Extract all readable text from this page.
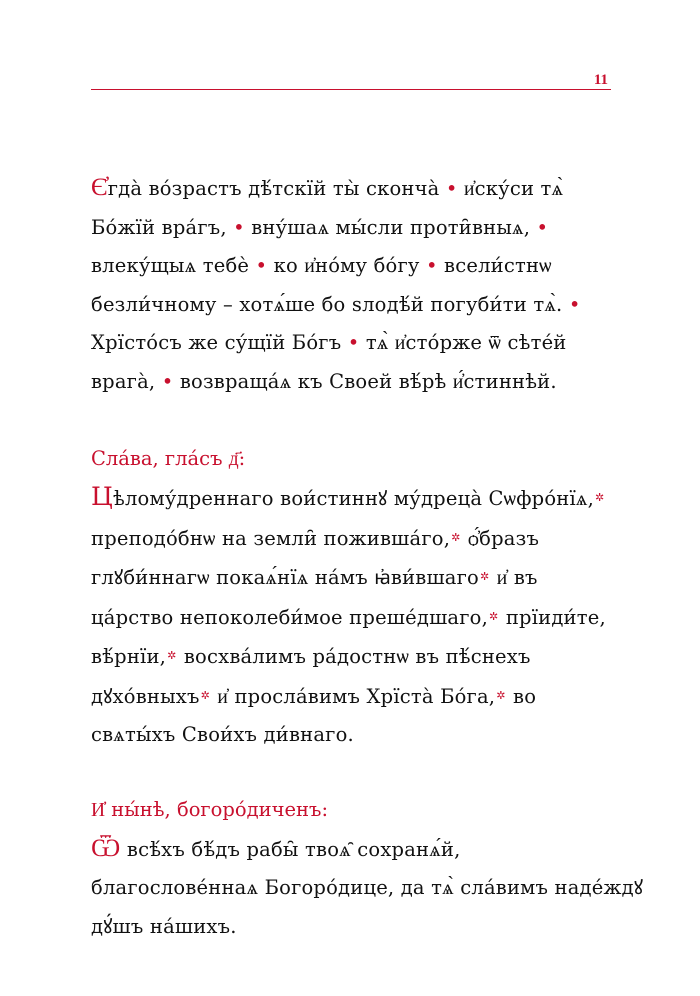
11
Є҆гда̀ во́зрастъ дѣ́тскїй ты̀ сконча̀ • и҆ску́си тѧ̀
Бо́жїй вра́гъ, • вну́шаѧ мы́сли проти̑вныѧ, •
влеку́щыѧ тебѐ • ко и҆но́му бо́гу • всели́стнѡ
безли́чному – хотѧ́ше бо ѕлодѣ́й погуби́ти тѧ̀. •
Хрїсто́съ же су́щїй Бо́гъ • тѧ̀ и҆сто́рже ѿ сѣте́й
врага̀, • возвраща́ѧ къ Своей вѣ́рѣ и҆́стиннѣй.
Сла́ва, гла́съ д҃:
Цѣлому́дреннаго вои́стиннꙋ му́дреца̀ Сѡфро́нїѧ,✲
преподо́бнѡ на земли̑ поживша́го,✲ ѻ҆́бразъ
глꙋби́ннагѡ покаѧ́нїѧ на́мъ ꙗ҆ви́вшаго✲ и҆ въ
ца́рство непоколеби́мое преше́дшаго,✲ прїиди́те,
вѣ́рнїи,✲ восхва́лимъ ра́достнѡ въ пѣ́снехъ
дꙋхо́вныхъ✲ и҆ просла́вимъ Хрїста̀ Бо́га,✲ во
свѧты́хъ Свои́хъ ди́внаго.
И҆ ны́нѣ, богоро́диченъ:
Ѿ всѣ́хъ бѣ́дъ рабы̑ твоѧ̑ сохранѧ́й,
благослове́ннаѧ Богоро́дице, да тѧ̀ сла́вимъ наде́ждꙋ
дꙋ́шъ на́шихъ.
